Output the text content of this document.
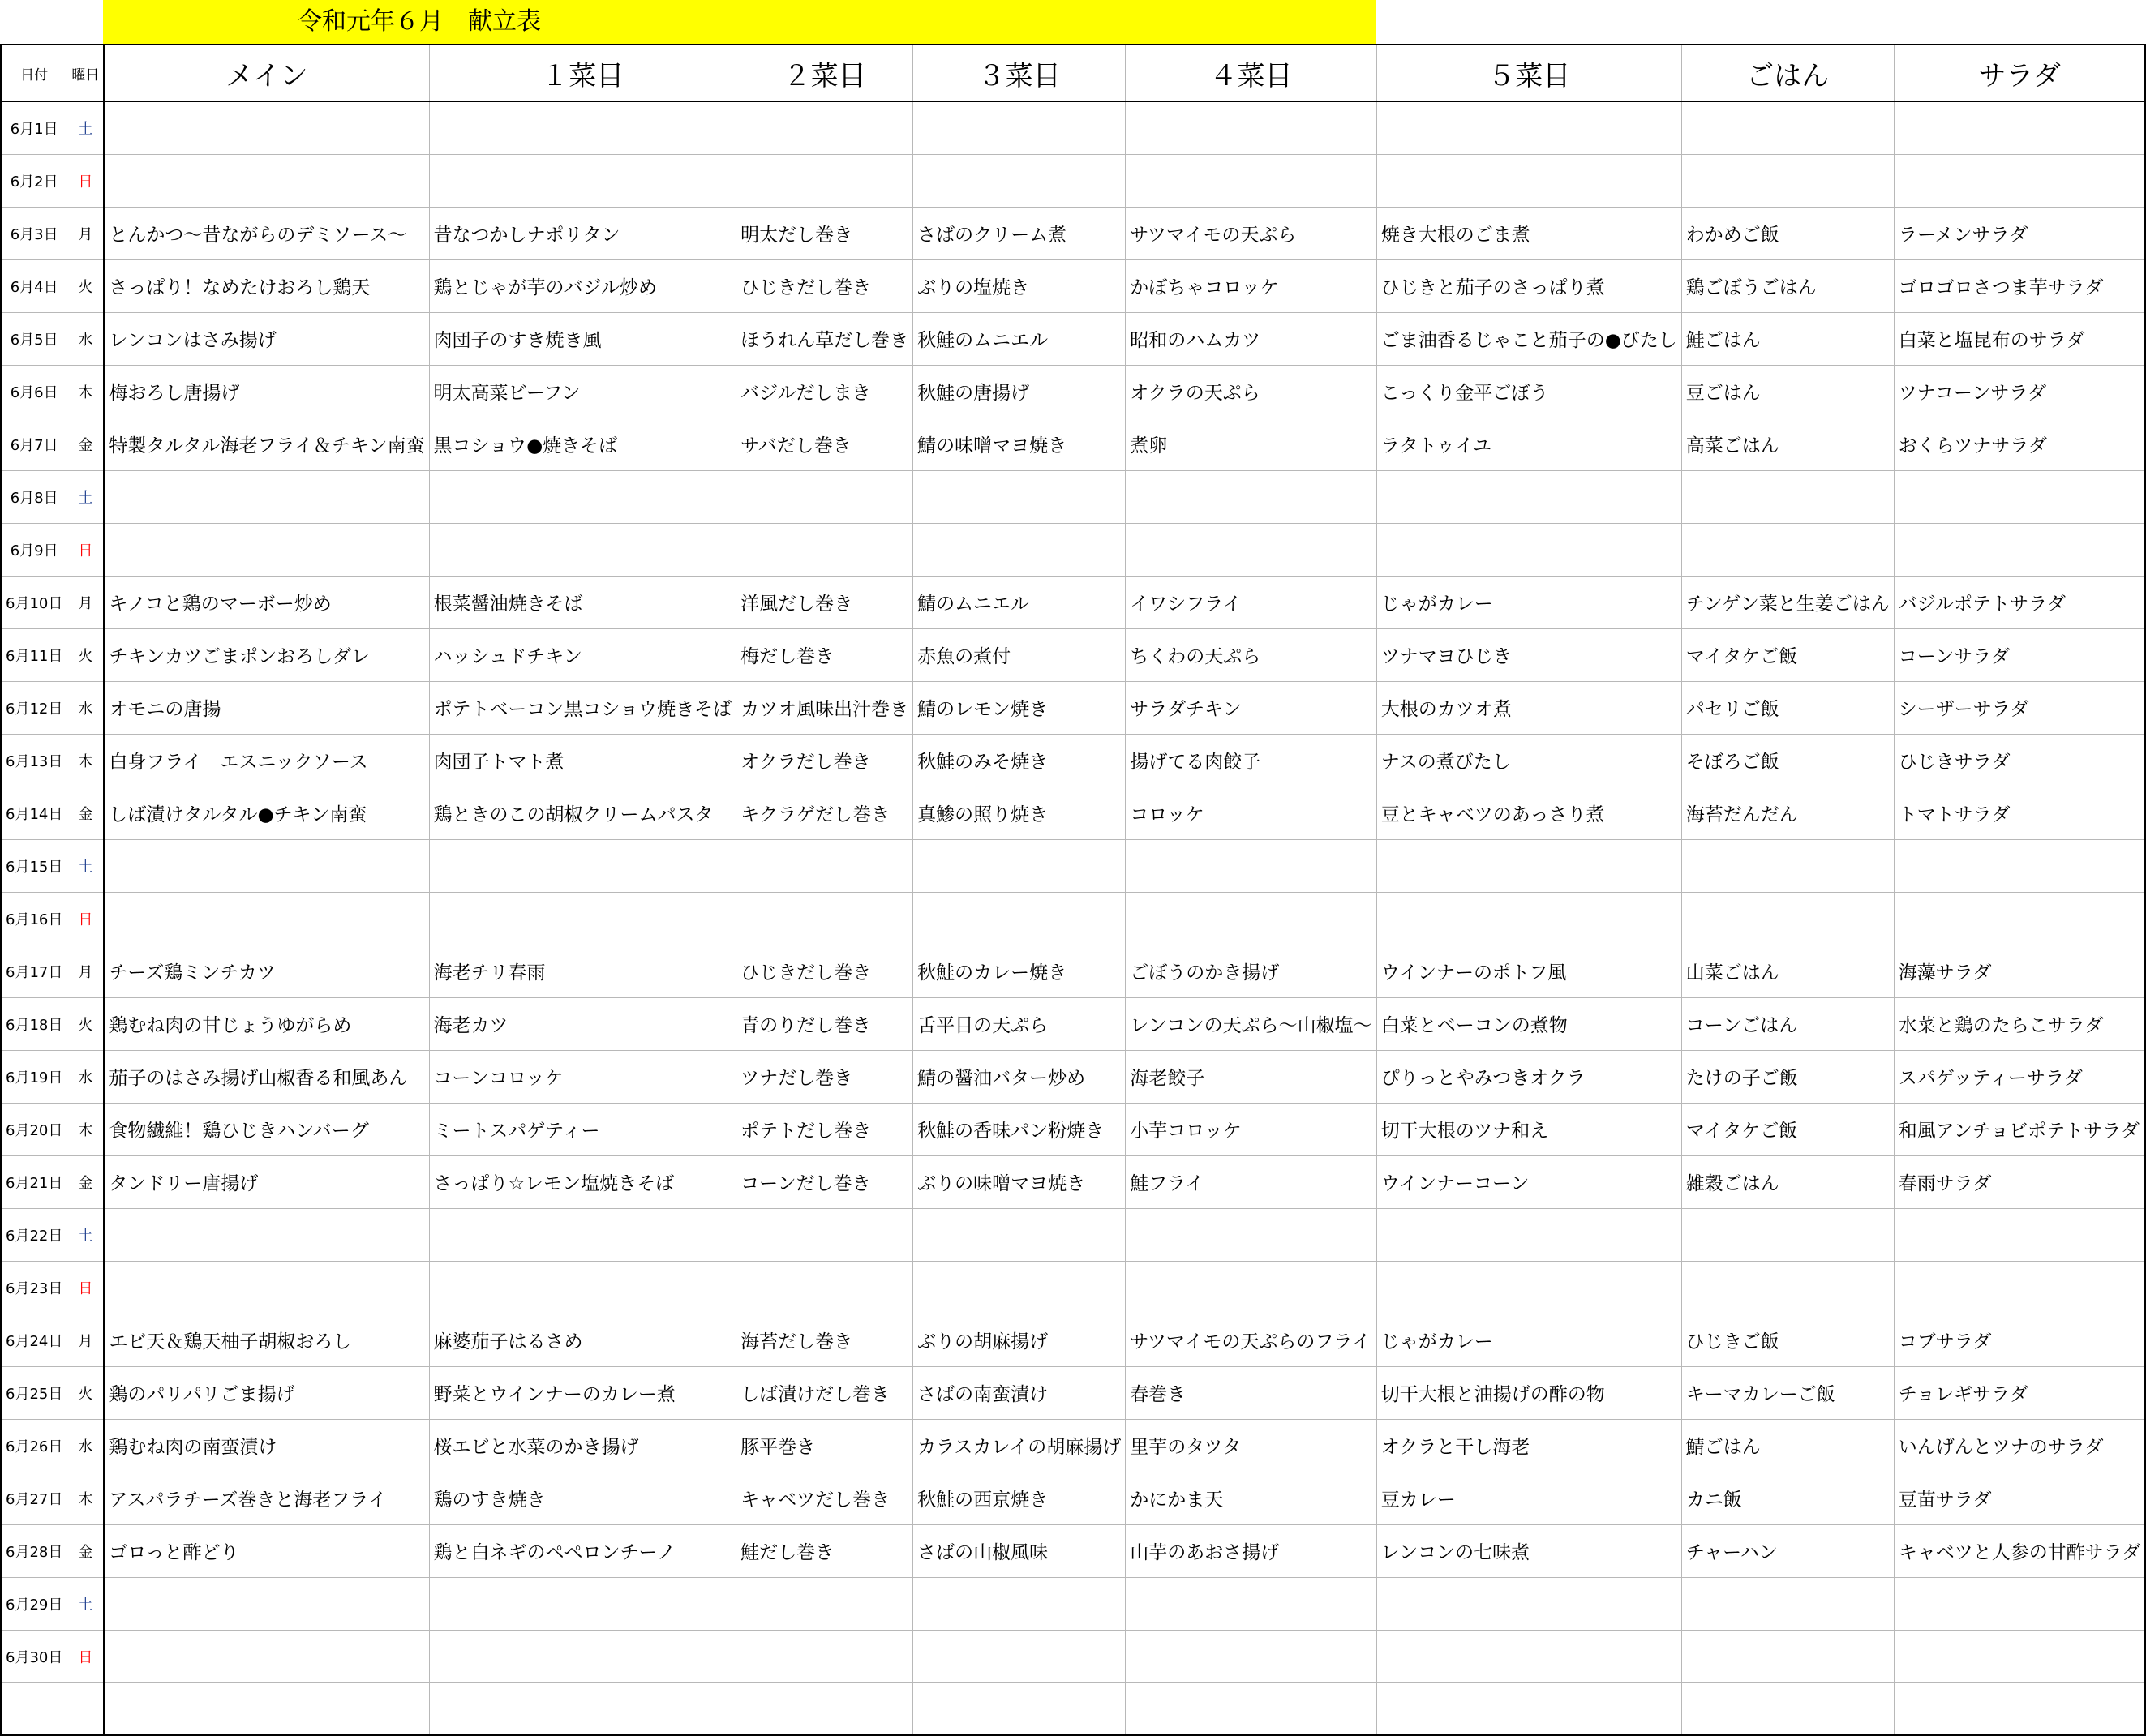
令和元年６月　献立表
日付	曜日	メイン	１菜目	２菜目	３菜目	４菜目	５菜目	ごはん	サラダ
6月1日	土								
6月2日	日								
6月3日	月	とんかつ～昔ながらのデミソース～	昔なつかしナポリタン	明太だし巻き	さばのクリーム煮	サツマイモの天ぷら	焼き大根のごま煮	わかめご飯	ラーメンサラダ
6月4日	火	さっぱり！なめたけおろし鶏天	鶏とじゃが芋のバジル炒め	ひじきだし巻き	ぶりの塩焼き	かぼちゃコロッケ	ひじきと茄子のさっぱり煮	鶏ごぼうごはん	ゴロゴロさつま芋サラダ
6月5日	水	レンコンはさみ揚げ	肉団子のすき焼き風	ほうれん草だし巻き	秋鮭のムニエル	昭和のハムカツ	ごま油香るじゃこと茄子の●びたし	鮭ごはん	白菜と塩昆布のサラダ
6月6日	木	梅おろし唐揚げ	明太高菜ビーフン	バジルだしまき	秋鮭の唐揚げ	オクラの天ぷら	こっくり金平ごぼう	豆ごはん	ツナコーンサラダ
6月7日	金	特製タルタル海老フライ＆チキン南蛮	黒コショウ●焼きそば	サバだし巻き	鯖の味噌マヨ焼き	煮卵	ラタトゥイユ	高菜ごはん	おくらツナサラダ
6月8日	土								
6月9日	日								
6月10日	月	キノコと鶏のマーボー炒め	根菜醤油焼きそば	洋風だし巻き	鯖のムニエル	イワシフライ	じゃがカレー	チンゲン菜と生姜ごはん	バジルポテトサラダ
6月11日	火	チキンカツごまポンおろしダレ	ハッシュドチキン	梅だし巻き	赤魚の煮付	ちくわの天ぷら	ツナマヨひじき	マイタケご飯	コーンサラダ
6月12日	水	オモニの唐揚	ポテトベーコン黒コショウ焼きそば	カツオ風味出汁巻き	鯖のレモン焼き	サラダチキン	大根のカツオ煮	パセリご飯	シーザーサラダ
6月13日	木	白身フライ　エスニックソース	肉団子トマト煮	オクラだし巻き	秋鮭のみそ焼き	揚げてる肉餃子	ナスの煮びたし	そぼろご飯	ひじきサラダ
6月14日	金	しば漬けタルタル●チキン南蛮	鶏ときのこの胡椒クリームパスタ	キクラゲだし巻き	真鯵の照り焼き	コロッケ	豆とキャベツのあっさり煮	海苔だんだん	トマトサラダ
6月15日	土								
6月16日	日								
6月17日	月	チーズ鶏ミンチカツ	海老チリ春雨	ひじきだし巻き	秋鮭のカレー焼き	ごぼうのかき揚げ	ウインナーのポトフ風	山菜ごはん	海藻サラダ
6月18日	火	鶏むね肉の甘じょうゆがらめ	海老カツ	青のりだし巻き	舌平目の天ぷら	レンコンの天ぷら～山椒塩～	白菜とベーコンの煮物	コーンごはん	水菜と鶏のたらこサラダ
6月19日	水	茄子のはさみ揚げ山椒香る和風あん	コーンコロッケ	ツナだし巻き	鯖の醤油バター炒め	海老餃子	ぴりっとやみつきオクラ	たけの子ご飯	スパゲッティーサラダ
6月20日	木	食物繊維！鶏ひじきハンバーグ	ミートスパゲティー	ポテトだし巻き	秋鮭の香味パン粉焼き	小芋コロッケ	切干大根のツナ和え	マイタケご飯	和風アンチョビポテトサラダ
6月21日	金	タンドリー唐揚げ	さっぱり☆レモン塩焼きそば	コーンだし巻き	ぶりの味噌マヨ焼き	鮭フライ	ウインナーコーン	雑穀ごはん	春雨サラダ
6月22日	土								
6月23日	日								
6月24日	月	エビ天＆鶏天柚子胡椒おろし	麻婆茄子はるさめ	海苔だし巻き	ぶりの胡麻揚げ	サツマイモの天ぷらのフライ	じゃがカレー	ひじきご飯	コブサラダ
6月25日	火	鶏のパリパリごま揚げ	野菜とウインナーのカレー煮	しば漬けだし巻き	さばの南蛮漬け	春巻き	切干大根と油揚げの酢の物	キーマカレーご飯	チョレギサラダ
6月26日	水	鶏むね肉の南蛮漬け	桜エビと水菜のかき揚げ	豚平巻き	カラスカレイの胡麻揚げ	里芋のタツタ	オクラと干し海老	鯖ごはん	いんげんとツナのサラダ
6月27日	木	アスパラチーズ巻きと海老フライ	鶏のすき焼き	キャベツだし巻き	秋鮭の西京焼き	かにかま天	豆カレー	カニ飯	豆苗サラダ
6月28日	金	ゴロっと酢どり	鶏と白ネギのペペロンチーノ	鮭だし巻き	さばの山椒風味	山芋のあおさ揚げ	レンコンの七味煮	チャーハン	キャベツと人参の甘酢サラダ
6月29日	土								
6月30日	日								
